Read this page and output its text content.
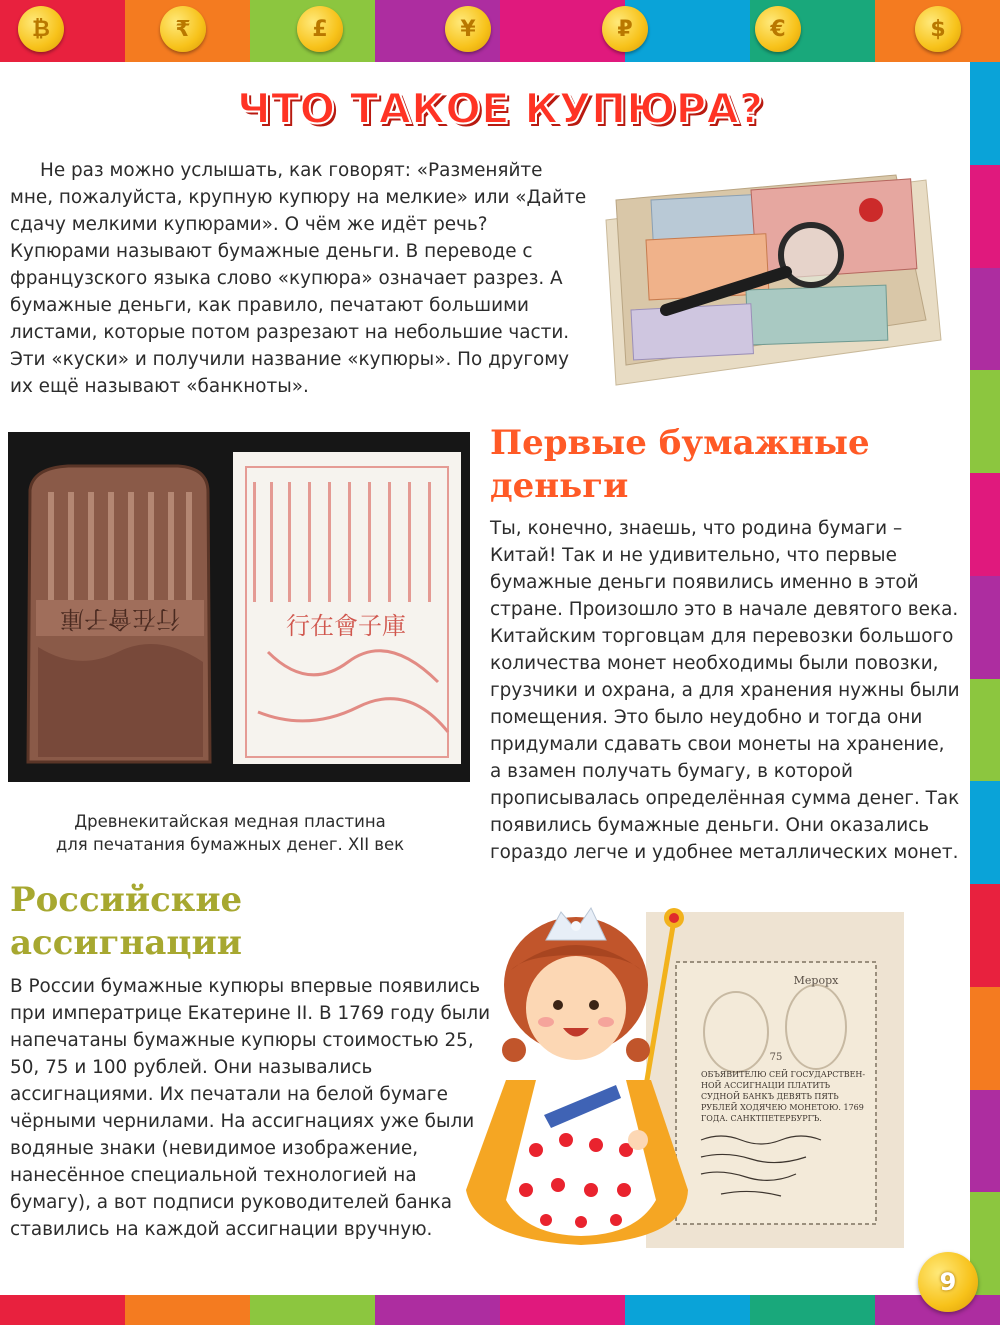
₿	₹	£	¥	₽	€	$
ЧТО ТАКОЕ КУПЮРА?
Не раз можно услышать, как говорят: «Разменяйте мне, пожалуйста, крупную купюру на мелкие» или «Дайте сдачу мелкими купюрами». О чём же идёт речь? Купюрами называют бумажные деньги. В переводе с французского языка слово «купюра» означает разрез. А бумажные деньги, как правило, печатают большими листами, которые потом разрезают на небольшие части. Эти «куски» и получили название «купюры». По другому их ещё называют «банкноты».
行在會子庫	行在會子庫
Древнекитайская медная пластина
для печатания бумажных денег. XII век
Первые бумажные деньги
Ты, конечно, знаешь, что родина бумаги – Китай! Так и не удивительно, что первые бумажные деньги появились именно в этой стране. Произошло это в начале девятого века. Китайским торговцам для перевозки большого количества монет необходимы были повозки, грузчики и охрана, а для хранения нужны были помещения. Это было неудобно и тогда они придумали сдавать свои монеты на хранение, а взамен получать бумагу, в которой прописывалась определённая сумма денег. Так появились бумажные деньги. Они оказались гораздо легче и удобнее металлических монет.
Российские ассигнации
В России бумажные купюры впервые появились при императрице Екатерине II. В 1769 году были напечатаны бумажные купюры стоимостью 25, 50, 75 и 100 рублей. Они назывались ассигнациями. Их печатали на белой бумаге чёрными чернилами. На ассигнациях уже были водяные знаки (невидимое изображение, нанесённое специальной технологией на бумагу), а вот подписи руководителей банка ставились на каждой ассигнации вручную.
Мерорх
75
ОБЪЯВИТЕЛЮ СЕЙ ГОСУДАРСТВЕН-
НОЙ АССИГНАЦІИ ПЛАТИТЬ
СУДНОЙ БАНКЪ ДЕВЯТЬ ПЯТЬ
РУБЛЕЙ ХОДЯЧЕЮ МОНЕТОЮ. 1769
ГОДА. САНКТПЕТЕРБУРГЪ.
9
